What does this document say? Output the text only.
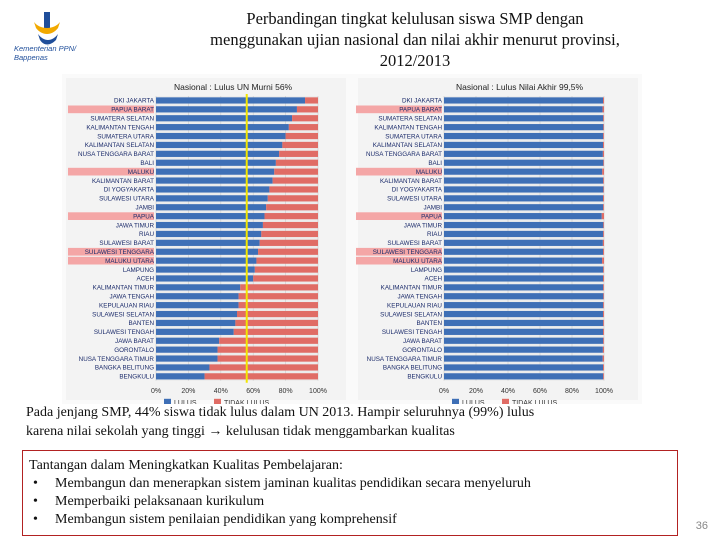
Kementerian PPN/
Bappenas
Perbandingan tingkat kelulusan siswa SMP dengan
menggunakan ujian nasional dan nilai akhir menurut provinsi,
2012/2013
Nasional : Lulus UN Murni 56%
DKI JAKARTA
PAPUA BARAT
SUMATERA SELATAN
KALIMANTAN TENGAH
SUMATERA UTARA
KALIMANTAN SELATAN
NUSA TENGGARA BARAT
BALI
MALUKU
KALIMANTAN BARAT
DI YOGYAKARTA
SULAWESI UTARA
JAMBI
PAPUA
JAWA TIMUR
RIAU
SULAWESI BARAT
SULAWESI TENGGARA
MALUKU UTARA
LAMPUNG
ACEH
KALIMANTAN TIMUR
JAWA TENGAH
KEPULAUAN RIAU
SULAWESI SELATAN
BANTEN
SULAWESI TENGAH
JAWA BARAT
GORONTALO
NUSA TENGGARA TIMUR
BANGKA BELITUNG
BENGKULU
0%	20%	40%	60%	80% 100%
LULUS	TIDAK LULUS
Nasional : Lulus Nilai Akhir 99,5%
DKI JAKARTA
PAPUA BARAT
SUMATERA SELATAN
KALIMANTAN TENGAH
SUMATERA UTARA
KALIMANTAN SELATAN
NUSA TENGGARA BARAT
BALI
MALUKU
KALIMANTAN BARAT
DI YOGYAKARTA
SULAWESI UTARA
JAMBI
PAPUA
JAWA TIMUR
RIAU
SULAWESI BARAT
SULAWESI TENGGARA
MALUKU UTARA
LAMPUNG
ACEH
KALIMANTAN TIMUR
JAWA TENGAH
KEPULAUAN RIAU
SULAWESI SELATAN
BANTEN
SULAWESI TENGAH
JAWA BARAT
GORONTALO
NUSA TENGGARA TIMUR
BANGKA BELITUNG
BENGKULU
0%	20%	40%	60%	80% 100%
LULUS	TIDAK LULUS
Pada jenjang SMP, 44% siswa tidak lulus dalam UN 2013. Hampir seluruhnya (99%) lulus
karena nilai sekolah yang tinggi → kelulusan tidak menggambarkan kualitas
Tantangan dalam Meningkatkan Kualitas Pembelajaran:
•	Membangun dan menerapkan sistem jaminan kualitas pendidikan secara menyeluruh
•	Memperbaiki pelaksanaan kurikulum
•	Membangun sistem penilaian pendidikan yang komprehensif	36
